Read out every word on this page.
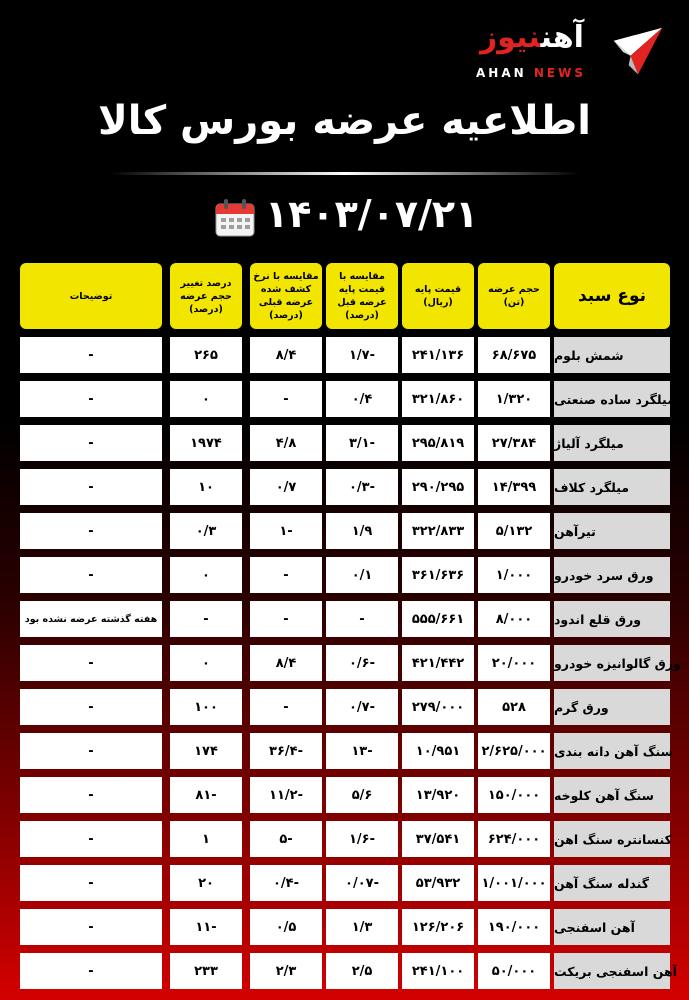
آهننیوز
AHAN NEWS
اطلاعیه عرضه بورس کالا
۱۴۰۳/۰۷/۲۱
نوع سبد
حجم عرضه (تن)
قیمت پایه (ریال)
مقایسه با قیمت پایه عرضه قبل (درصد)
مقایسه با نرخ کشف شده عرضه قبلی (درصد)
درصد تغییر حجم عرضه (درصد)
توضیحات
شمش بلوم
۶۸/۶۷۵
۲۴۱/۱۳۶
-۱/۷
۸/۴
۲۶۵
-
میلگرد ساده صنعتی
۱/۳۲۰
۳۲۱/۸۶۰
۰/۴
-
۰
-
میلگرد آلیاژ
۲۷/۳۸۴
۲۹۵/۸۱۹
-۳/۱
۴/۸
۱۹۷۴
-
میلگرد کلاف
۱۴/۳۹۹
۲۹۰/۲۹۵
-۰/۳
۰/۷
۱۰
-
تیرآهن
۵/۱۳۲
۳۲۲/۸۳۳
۱/۹
-۱
۰/۳
-
ورق سرد خودرو
۱/۰۰۰
۳۶۱/۶۳۶
۰/۱
-
۰
-
ورق قلع اندود
۸/۰۰۰
۵۵۵/۶۶۱
-
-
-
هفته گذشته عرضه نشده بود
ورق گالوانیزه خودرو
۲۰/۰۰۰
۴۲۱/۴۴۲
-۰/۶
۸/۴
۰
-
ورق گرم
۵۲۸
۲۷۹/۰۰۰
-۰/۷
-
۱۰۰
-
سنگ آهن دانه بندی
۲/۶۲۵/۰۰۰
۱۰/۹۵۱
-۱۳
-۳۶/۴
۱۷۴
-
سنگ آهن کلوخه
۱۵۰/۰۰۰
۱۳/۹۲۰
۵/۶
-۱۱/۲
-۸۱
-
کنسانتره سنگ اهن
۶۲۴/۰۰۰
۳۷/۵۴۱
-۱/۶
-۵
۱
-
گندله سنگ آهن
۱/۰۰۱/۰۰۰
۵۳/۹۳۲
-۰/۰۷
-۰/۴
۲۰
-
آهن اسفنجی
۱۹۰/۰۰۰
۱۲۶/۲۰۶
۱/۳
۰/۵
-۱۱
-
آهن اسفنجی بریکت
۵۰/۰۰۰
۲۴۱/۱۰۰
۲/۵
۲/۳
۲۳۳
-
